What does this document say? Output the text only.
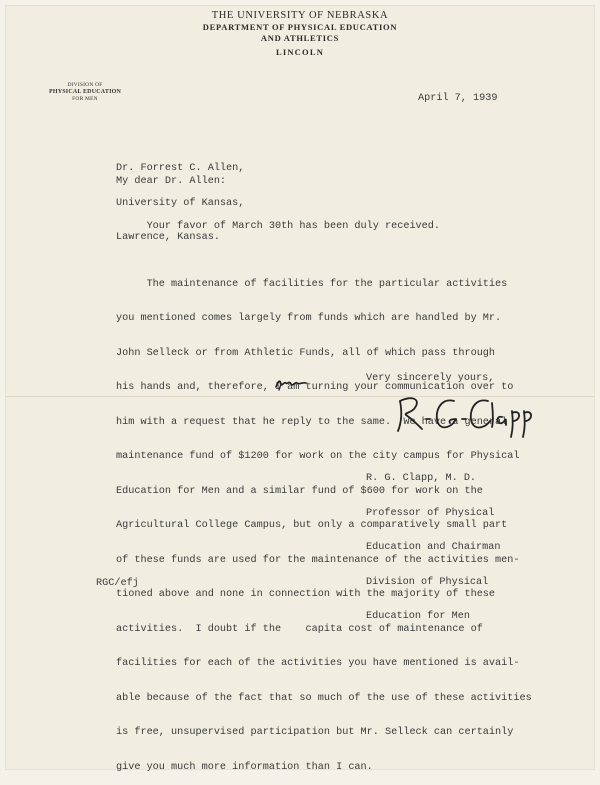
THE UNIVERSITY OF NEBRASKA
DEPARTMENT OF PHYSICAL EDUCATION
AND ATHLETICS
LINCOLN
DIVISION OF
PHYSICAL EDUCATION
FOR MEN	April 7, 1939

Dr. Forrest C. Allen,

University of Kansas,

Lawrence, Kansas.

My dear Dr. Allen:

Your favor of March 30th has been duly received.

The maintenance of facilities for the particular activities

you mentioned comes largely from funds which are handled by Mr.

John Selleck or from Athletic Funds, all of which pass through

his hands and, therefore, I am turning your communication over to

him with a request that he reply to the same.  We have a general

maintenance fund of $1200 for work on the city campus for Physical

Education for Men and a similar fund of $600 for work on the

Agricultural College Campus, but only a comparatively small part

of these funds are used for the maintenance of the activities men-

tioned above and none in connection with the majority of these

activities.  I doubt if the    capita cost of maintenance of

facilities for each of the activities you have mentioned is avail-

able because of the fact that so much of the use of these activities

is free, unsupervised participation but Mr. Selleck can certainly

give you much more information than I can.

Very sincerely yours,

R. G. Clapp, M. D.

Professor of Physical

Education and Chairman

Division of Physical

Education for Men

RGC/efj
